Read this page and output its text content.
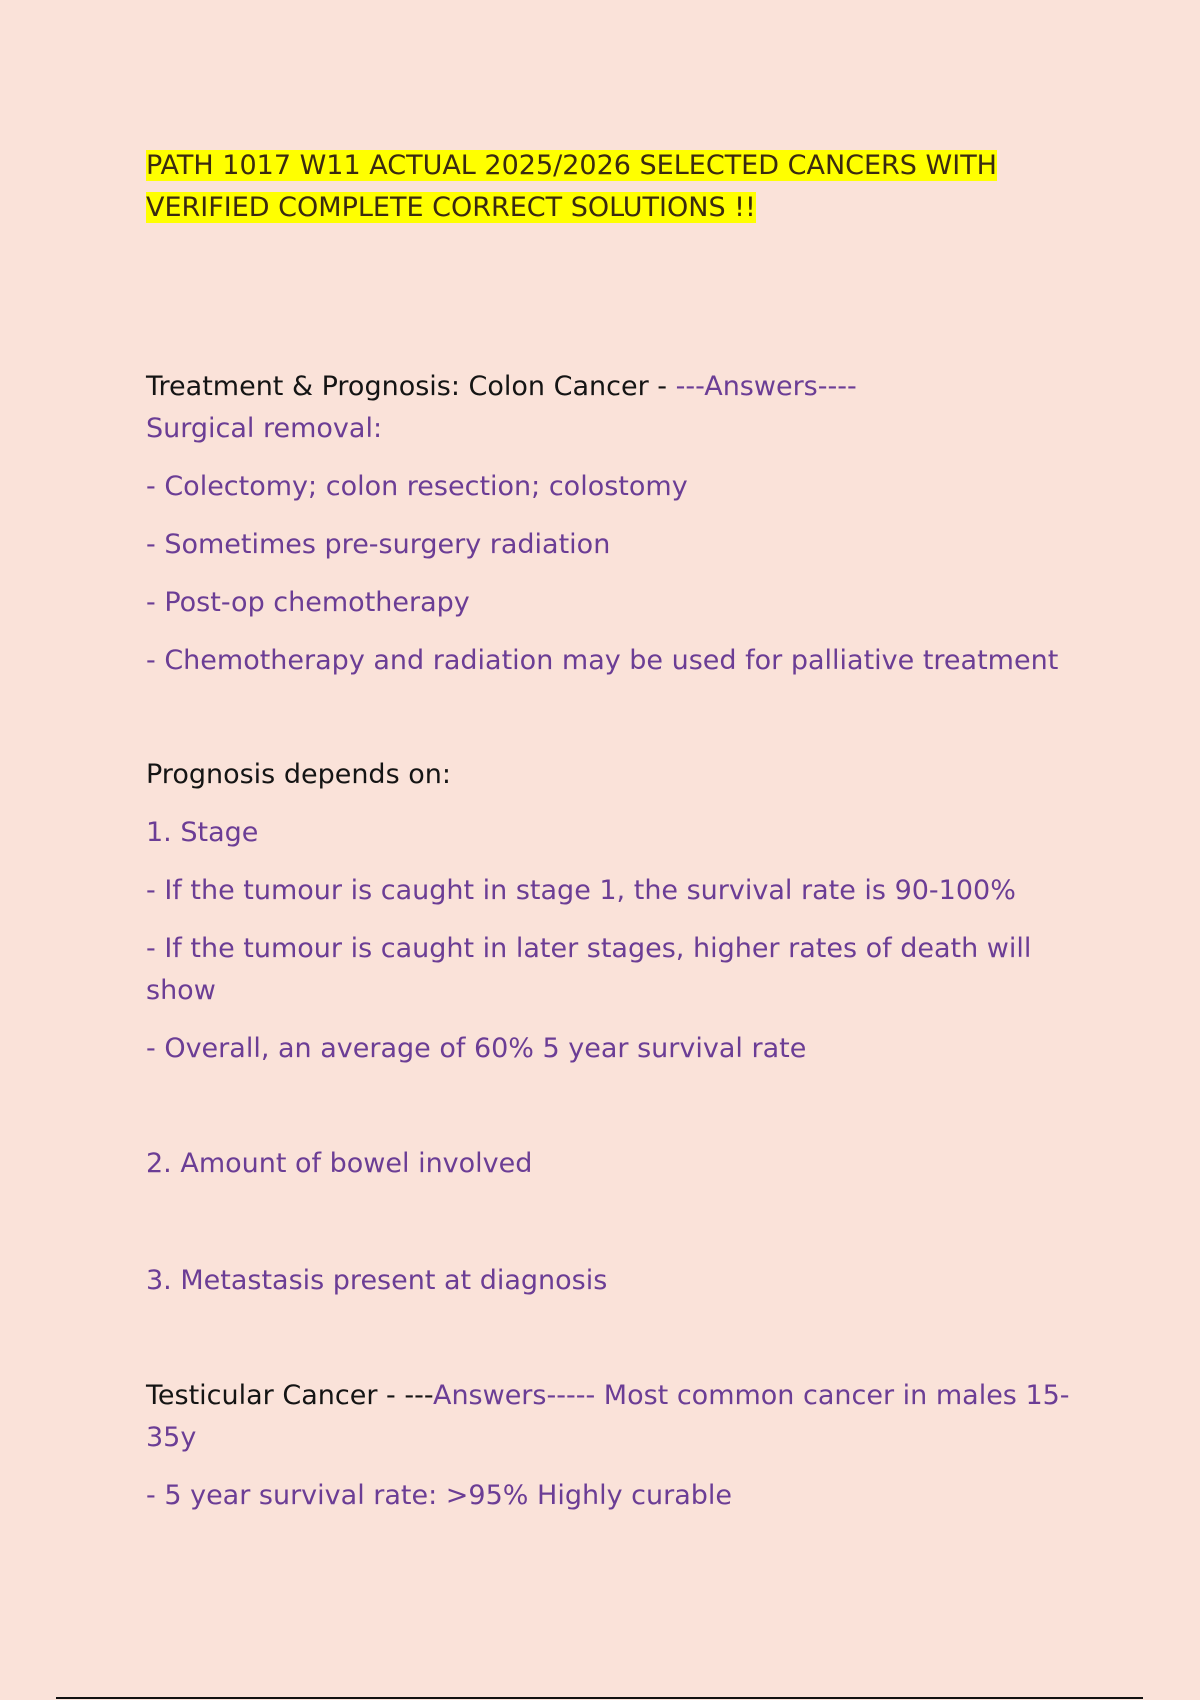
PATH 1017 W11 ACTUAL 2025/2026 SELECTED CANCERS WITH VERIFIED COMPLETE CORRECT SOLUTIONS !!

Treatment & Prognosis: Colon Cancer - ---Answers----

Surgical removal:

- Colectomy; colon resection; colostomy

- Sometimes pre-surgery radiation

- Post-op chemotherapy

- Chemotherapy and radiation may be used for palliative treatment

Prognosis depends on:

1. Stage

- If the tumour is caught in stage 1, the survival rate is 90-100%

- If the tumour is caught in later stages, higher rates of death will show

- Overall, an average of 60% 5 year survival rate

2. Amount of bowel involved

3. Metastasis present at diagnosis

Testicular Cancer - ---Answers----- Most common cancer in males 15-35y

- 5 year survival rate: >95% Highly curable
